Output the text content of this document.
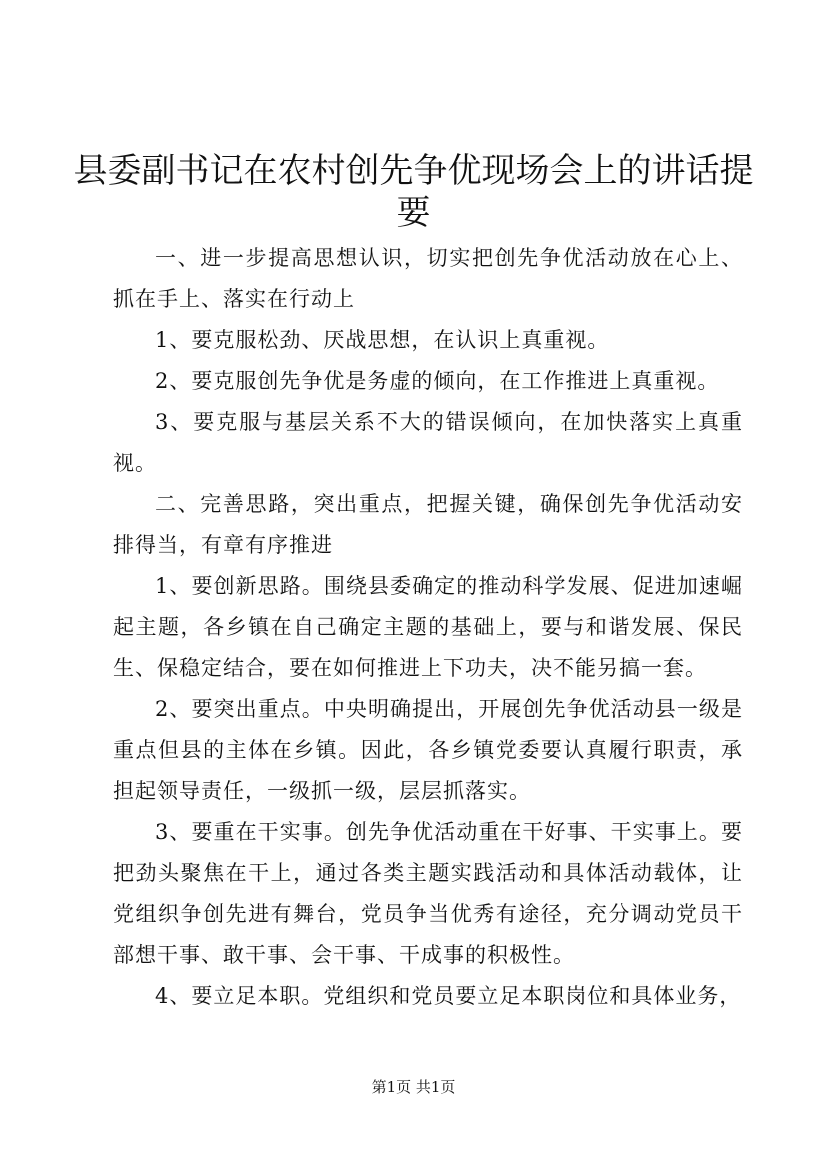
县委副书记在农村创先争优现场会上的讲话提要

一、进一步提高思想认识，切实把创先争优活动放在心上、抓在手上、落实在行动上

1、要克服松劲、厌战思想，在认识上真重视。

2、要克服创先争优是务虚的倾向，在工作推进上真重视。

3、要克服与基层关系不大的错误倾向，在加快落实上真重视。

二、完善思路，突出重点，把握关键，确保创先争优活动安排得当，有章有序推进

1、要创新思路。围绕县委确定的推动科学发展、促进加速崛起主题，各乡镇在自己确定主题的基础上，要与和谐发展、保民生、保稳定结合，要在如何推进上下功夫，决不能另搞一套。

2、要突出重点。中央明确提出，开展创先争优活动县一级是重点但县的主体在乡镇。因此，各乡镇党委要认真履行职责，承担起领导责任，一级抓一级，层层抓落实。

3、要重在干实事。创先争优活动重在干好事、干实事上。要把劲头聚焦在干上，通过各类主题实践活动和具体活动载体，让党组织争创先进有舞台，党员争当优秀有途径，充分调动党员干部想干事、敢干事、会干事、干成事的积极性。

4、要立足本职。党组织和党员要立足本职岗位和具体业务，

第1页 共1页
